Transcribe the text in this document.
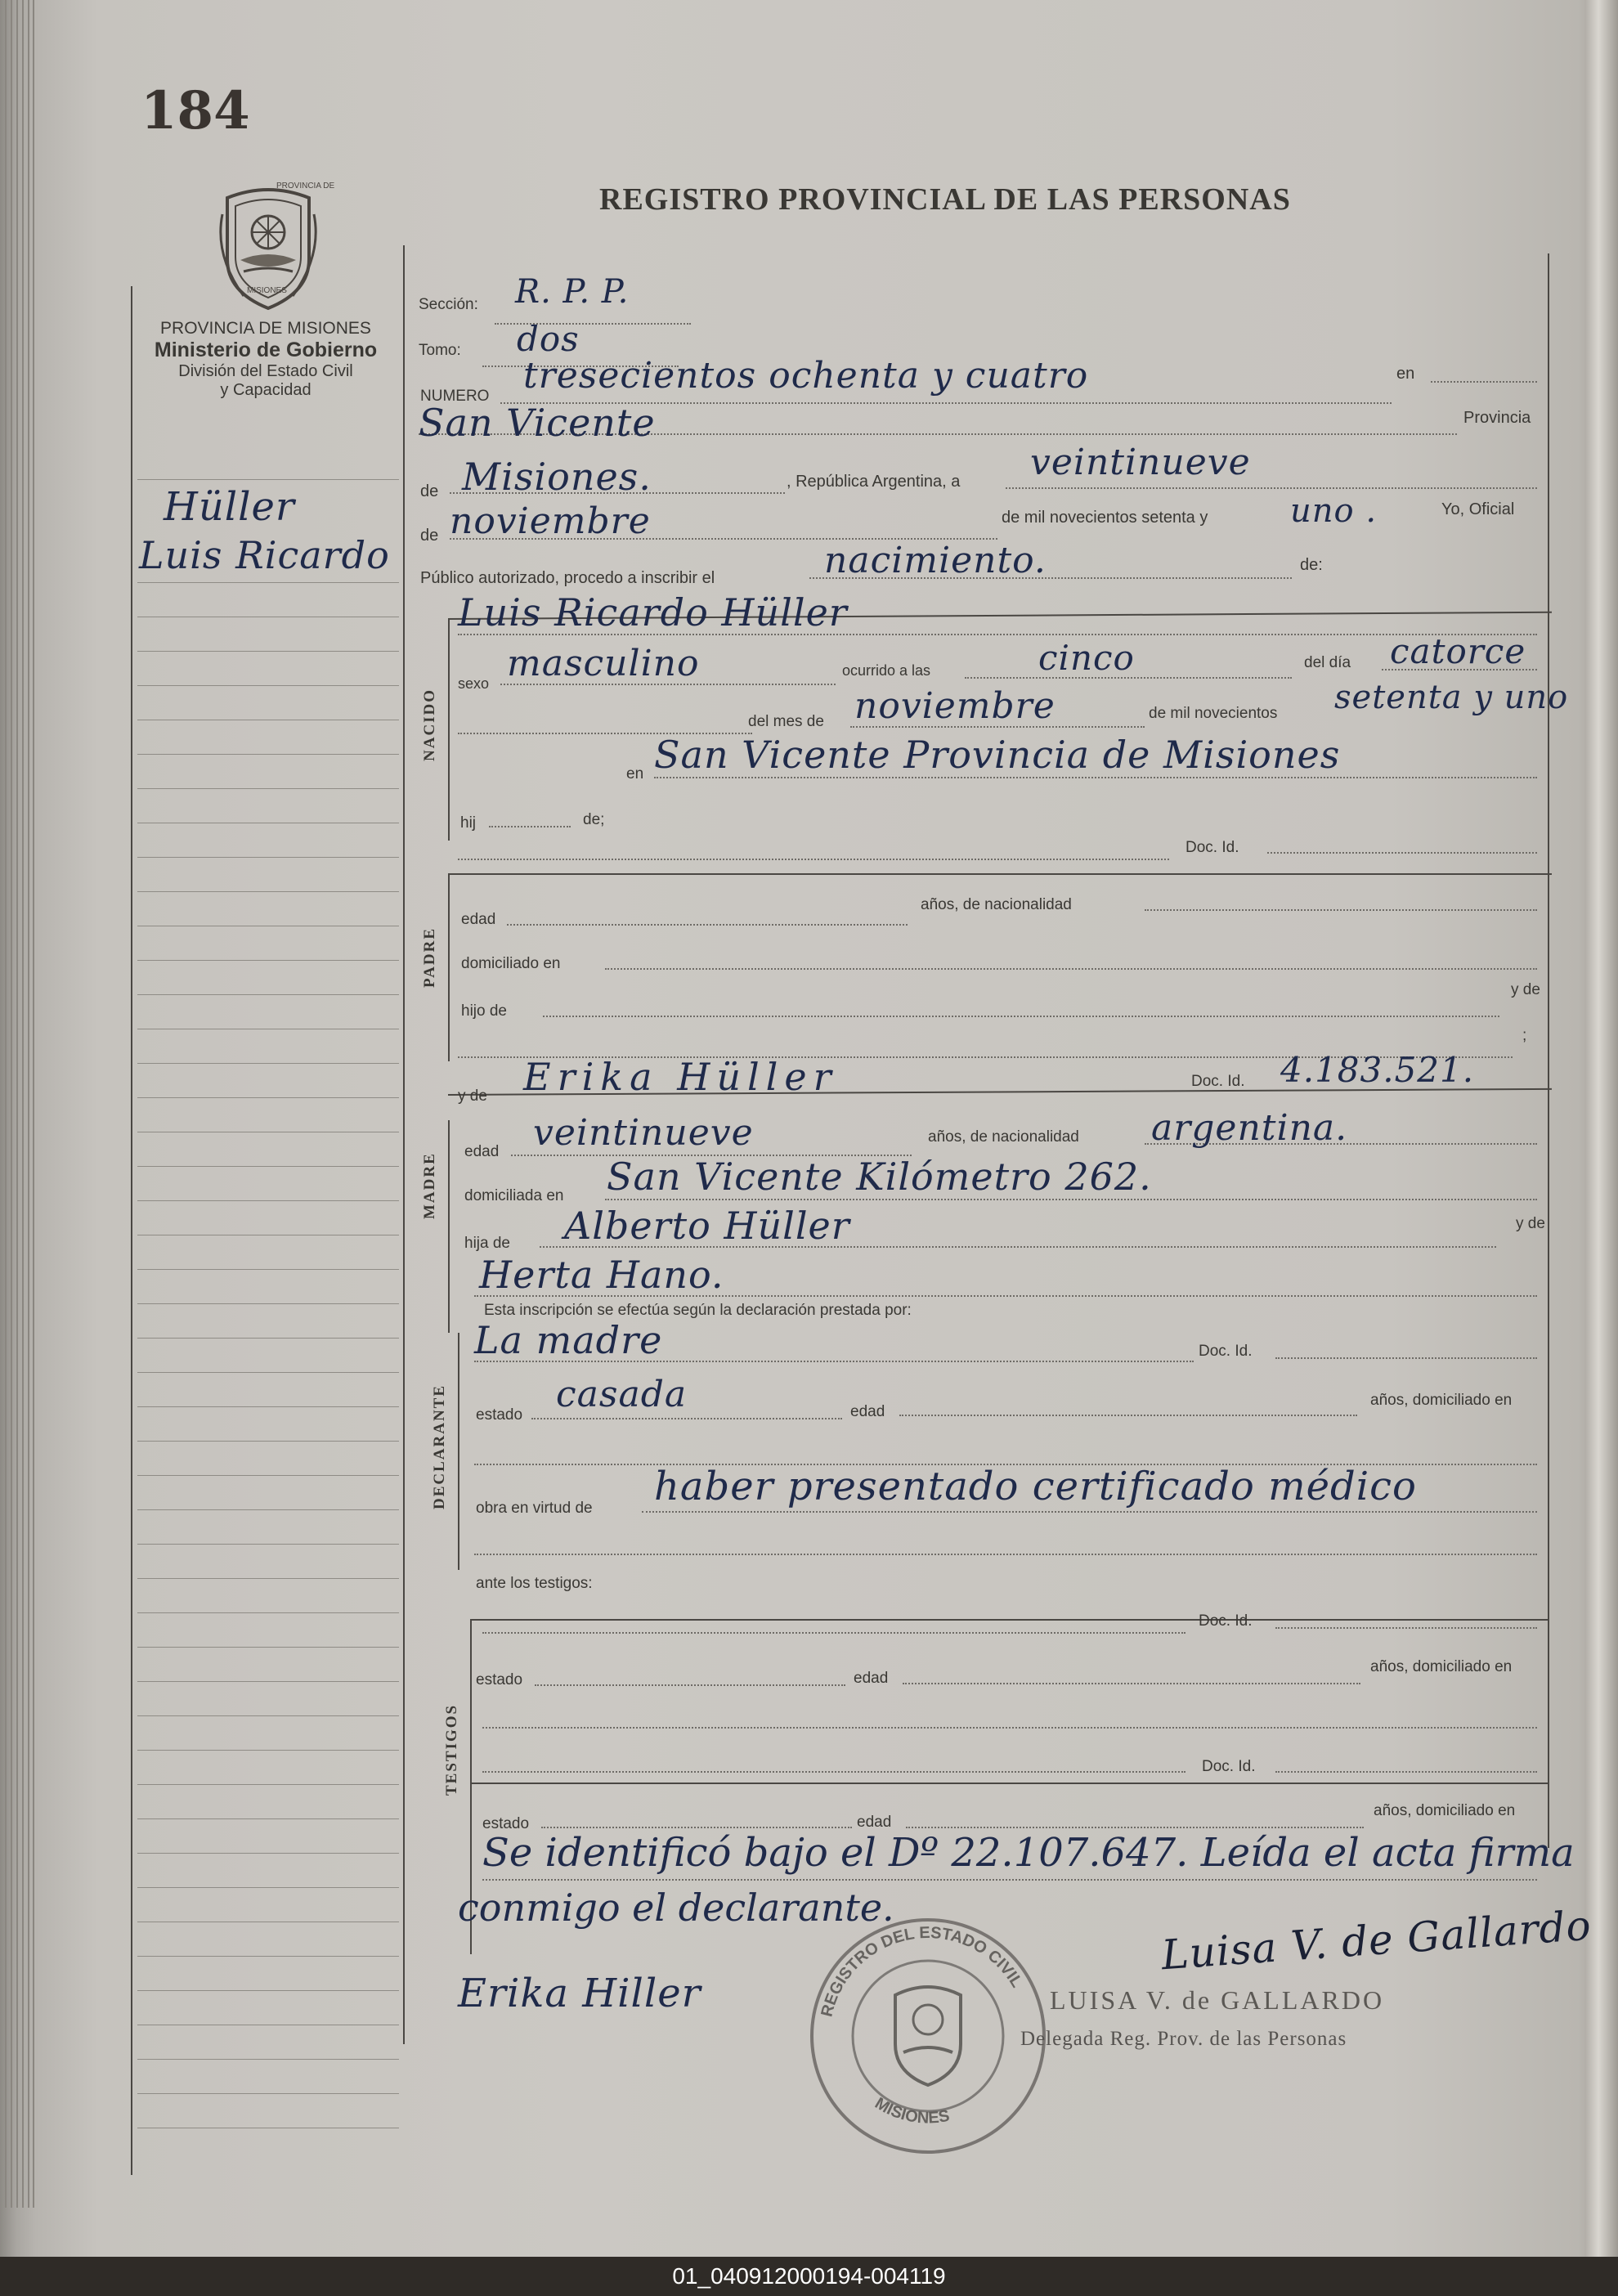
184
PROVINCIA DE
MISIONES
REGISTRO PROVINCIAL DE LAS PERSONAS
PROVINCIA DE MISIONES
Ministerio de Gobierno
División del Estado Civil
y Capacidad
Hüller
Luis Ricardo
Sección: R. P. P.
Tomo: dos
NUMERO tresecientos ochenta y cuatro	en
San Vicente	Provincia
de Misiones.	, República Argentina, a veintinueve
de noviembre	de mil novecientos setenta y	uno .	Yo, Oficial
Público autorizado, procedo a inscribir el	nacimiento.	de:
NACIDO
Luis Ricardo Hüller
sexo masculino	ocurrido a las	cinco	del día catorce
del mes de noviembre	de mil novecientos setenta y uno
en San Vicente Provincia de Misiones
hij	de;
Doc. Id.
PADRE
edad
años, de nacionalidad
domiciliado en
hijo de
y de
;
y de Erika Hüller	Doc. Id. 4.183.521.
MADRE
edad veintinueve	años, de nacionalidad argentina.
domiciliada en San Vicente Kilómetro 262.
hija de Alberto Hüller	y de
Herta Hano.
Esta inscripción se efectúa según la declaración prestada por:
DECLARANTE
La madre	Doc. Id.
estado casada	edad
años, domiciliado en
obra en virtud de haber presentado certificado médico
ante los testigos:
TESTIGOS
Doc. Id.
estado	edad
años, domiciliado en
Doc. Id.
estado	edad
años, domiciliado en
Se identificó bajo el Dº 22.107.647. Leída el acta firma
conmigo el declarante.
Erika Hiller	REGISTRO DEL ESTADO CIVIL
MISIONES
Luisa V. de Gallardo
LUISA V. de GALLARDO
Delegada Reg. Prov. de las Personas
01_040912000194-004119
